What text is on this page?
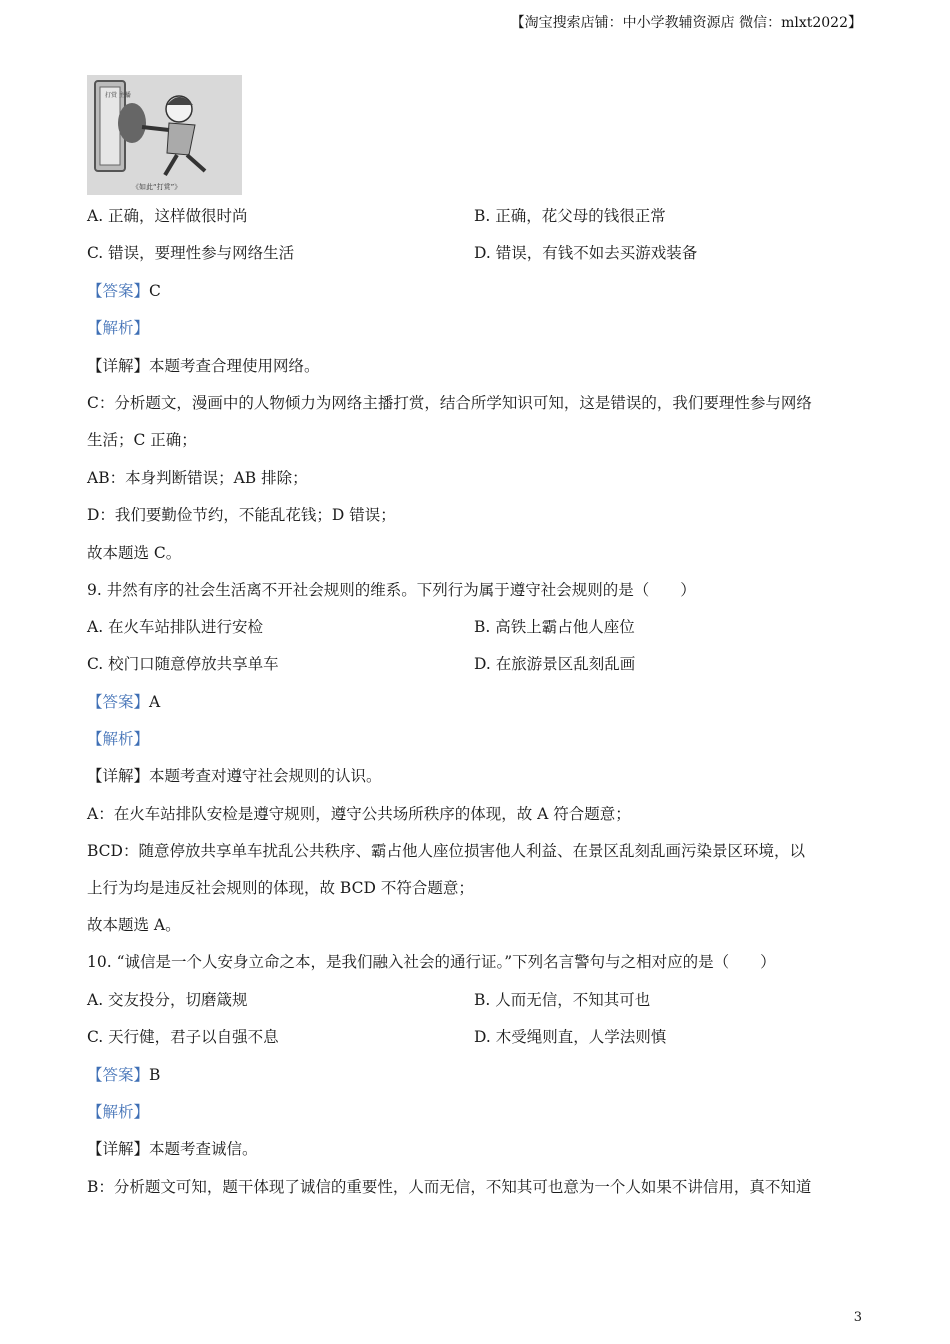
【淘宝搜索店铺：中小学教辅资源店 微信：mlxt2022】
打赏 主播
《如此“打赏”》
A. 正确，这样做很时尚	B. 正确，花父母的钱很正常
C. 错误，要理性参与网络生活	D. 错误，有钱不如去买游戏装备
【答案】C
【解析】
【详解】本题考查合理使用网络。
C：分析题文，漫画中的人物倾力为网络主播打赏，结合所学知识可知，这是错误的，我们要理性参与网络
生活；C 正确；
AB：本身判断错误；AB 排除；
D：我们要勤俭节约，不能乱花钱；D 错误；
故本题选 C。
9. 井然有序的社会生活离不开社会规则的维系。下列行为属于遵守社会规则的是（　　）
A. 在火车站排队进行安检	B. 高铁上霸占他人座位
C. 校门口随意停放共享单车	D. 在旅游景区乱刻乱画
【答案】A
【解析】
【详解】本题考查对遵守社会规则的认识。
A：在火车站排队安检是遵守规则，遵守公共场所秩序的体现，故 A 符合题意；
BCD：随意停放共享单车扰乱公共秩序、霸占他人座位损害他人利益、在景区乱刻乱画污染景区环境，以
上行为均是违反社会规则的体现，故 BCD 不符合题意；
故本题选 A。
10. “诚信是一个人安身立命之本，是我们融入社会的通行证。”下列名言警句与之相对应的是（　　）
A. 交友投分，切磨箴规	B. 人而无信，不知其可也
C. 天行健，君子以自强不息	D. 木受绳则直，人学法则慎
【答案】B
【解析】
【详解】本题考查诚信。
B：分析题文可知，题干体现了诚信的重要性，人而无信，不知其可也意为一个人如果不讲信用，真不知道
3
